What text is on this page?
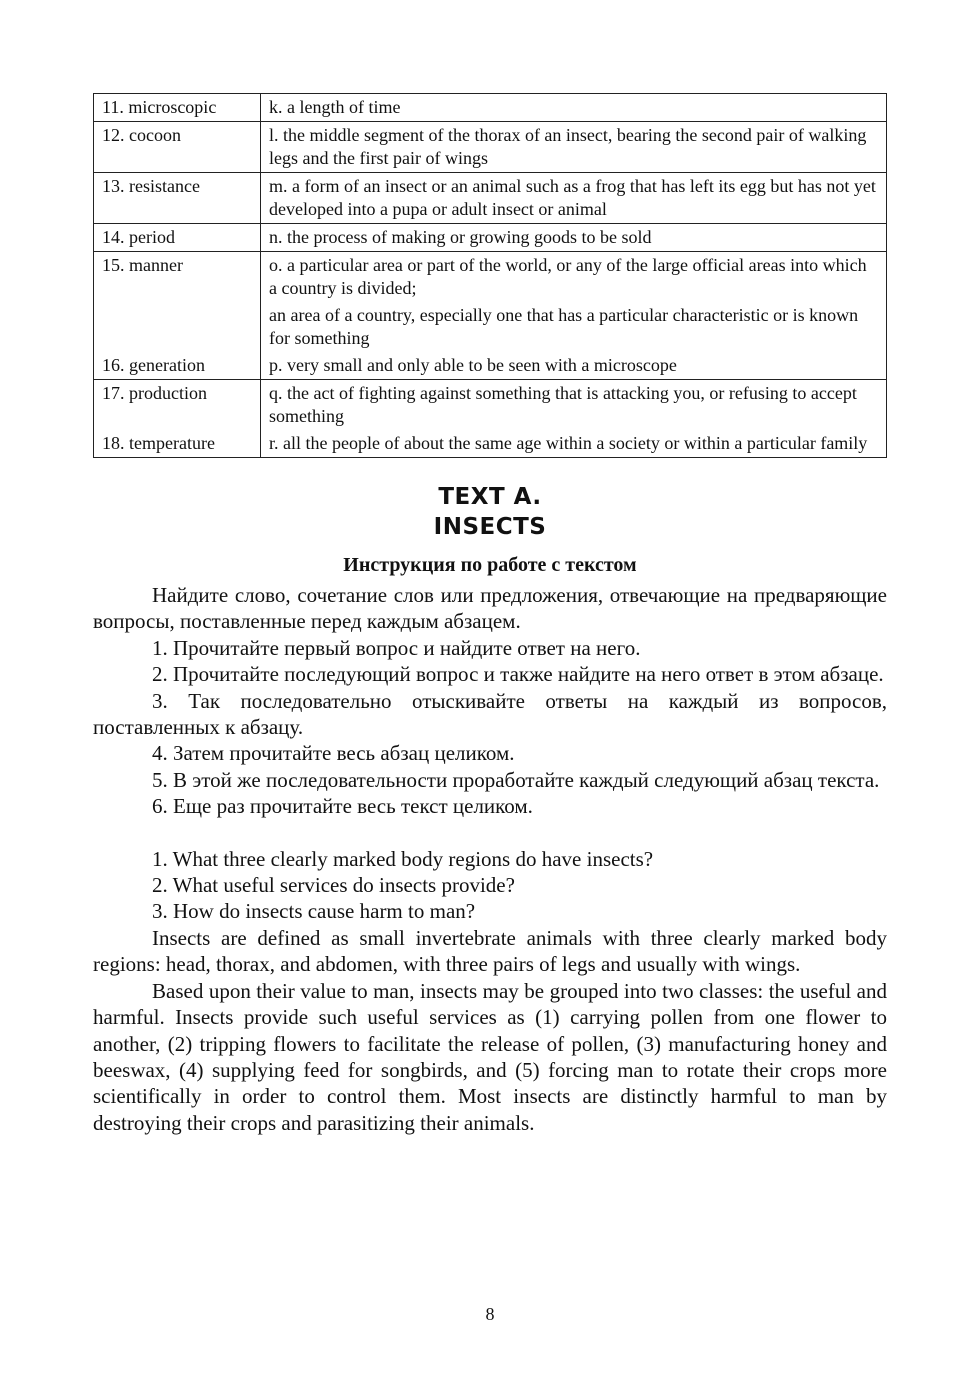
11. microscopic	k. a length of time
12. cocoon	l. the middle segment of the thorax of an insect, bearing the second pair of walking legs and the first pair of wings
13. resistance	m. a form of an insect or an animal such as a frog that has left its egg but has not yet developed into a pupa or adult insect or animal
14. period	n. the process of making or growing goods to be sold
15. manner	o. a particular area or part of the world, or any of the large official areas into which a country is divided;
	an area of a country, especially one that has a particular characteristic or is known for something
16. generation	p. very small and only able to be seen with a microscope
17. production	q. the act of fighting against something that is attacking you, or refusing to accept something
18. temperature	r. all the people of about the same age within a society or within a particular family
TEXT A.
INSECTS
Инструкция по работе с текстом

Найдите слово, сочетание слов или предложения, отвечающие на предваряющие вопросы, поставленные перед каждым абзацем.

1. Прочитайте первый вопрос и найдите ответ на него.

2. Прочитайте последующий вопрос и также найдите на него ответ в этом абзаце.

3. Так последовательно отыскивайте ответы на каждый из вопросов, поставленных к абзацу.

4. Затем прочитайте весь абзац целиком.

5. В этой же последовательности проработайте каждый следующий абзац текста.

6. Еще раз прочитайте весь текст целиком.

1. What three clearly marked body regions do have insects?

2. What useful services do insects provide?

3. How do insects cause harm to man?

Insects are defined as small invertebrate animals with three clearly marked body regions: head, thorax, and abdomen, with three pairs of legs and usually with wings.

Based upon their value to man, insects may be grouped into two classes: the useful and harmful. Insects provide such useful services as (1) carrying pollen from one flower to another, (2) tripping flowers to facilitate the release of pollen, (3) manufacturing honey and beeswax, (4) supplying feed for songbirds, and (5) forcing man to rotate their crops more scientifically in order to control them. Most insects are distinctly harmful to man by destroying their crops and parasitizing their animals.

8
